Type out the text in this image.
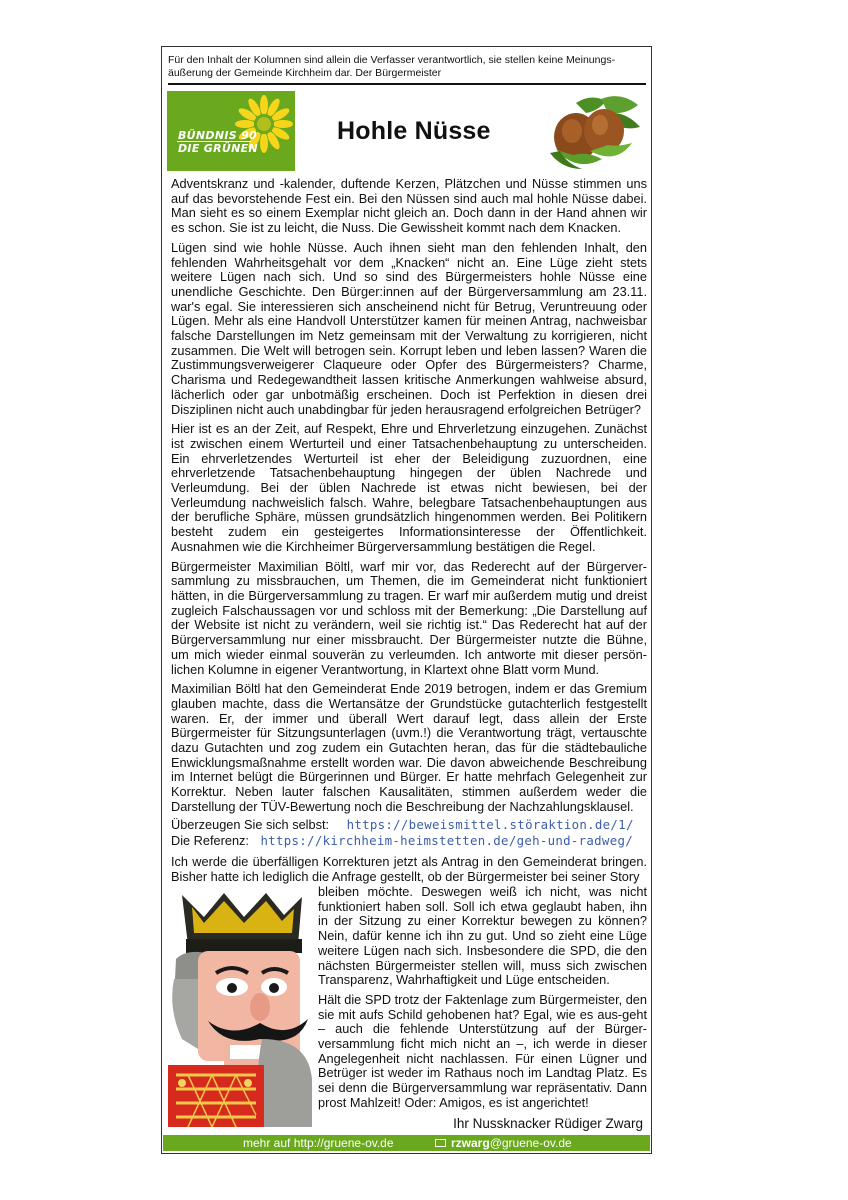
Für den Inhalt der Kolumnen sind allein die Verfasser verantwortlich, sie stellen keine Meinungs-äußerung der Gemeinde Kirchheim dar. Der Bürgermeister
BÜNDNIS 90
DIE GRÜNEN
Hohle Nüsse

Adventskranz und -kalender, duftende Kerzen, Plätzchen und Nüsse stimmen uns auf das bevorstehende Fest ein. Bei den Nüssen sind auch mal hohle Nüsse dabei. Man sieht es so einem Exemplar nicht gleich an. Doch dann in der Hand ahnen wir es schon. Sie ist zu leicht, die Nuss. Die Gewissheit kommt nach dem Knacken.

Lügen sind wie hohle Nüsse. Auch ihnen sieht man den fehlenden Inhalt, den fehlenden Wahrheitsgehalt vor dem „Knacken“ nicht an. Eine Lüge zieht stets weitere Lügen nach sich. Und so sind des Bürgermeisters hohle Nüsse eine unendliche Geschichte. Den Bürger:innen auf der Bürgerversammlung am 23.11. war's egal. Sie interessieren sich anscheinend nicht für Betrug, Veruntreuung oder Lügen. Mehr als eine Handvoll Unterstützer kamen für meinen Antrag, nachweisbar falsche Darstellungen im Netz gemeinsam mit der Verwaltung zu korrigieren, nicht zusammen. Die Welt will betrogen sein. Korrupt leben und leben lassen? Waren die Zustimmungsverweigerer Claqueure oder Opfer des Bürgermeisters? Charme, Charisma und Redegewandtheit lassen kritische Anmerkungen wahlweise absurd, lächerlich oder gar unbotmäßig erscheinen. Doch ist Perfektion in diesen drei Disziplinen nicht auch unabdingbar für jeden herausragend erfolgreichen Betrüger?

Hier ist es an der Zeit, auf Respekt, Ehre und Ehrverletzung einzugehen. Zunächst ist zwischen einem Werturteil und einer Tatsachenbehauptung zu unterscheiden. Ein ehrverletzendes Werturteil ist eher der Beleidigung zuzuordnen, eine ehrverletzende Tatsachenbehauptung hingegen der üblen Nachrede und Verleumdung. Bei der üblen Nachrede ist etwas nicht bewiesen, bei der Verleumdung nachweislich falsch. Wahre, belegbare Tatsachenbehauptungen aus der berufliche Sphäre, müssen grundsätzlich hingenommen werden. Bei Politikern besteht zudem ein gesteigertes Informationsinteresse der Öffentlichkeit. Ausnahmen wie die Kirchheimer Bürgerversammlung bestätigen die Regel.

Bürgermeister Maximilian Böltl, warf mir vor, das Rederecht auf der Bürgerver-sammlung zu missbrauchen, um Themen, die im Gemeinderat nicht funktioniert hätten, in die Bürgerversammlung zu tragen. Er warf mir außerdem mutig und dreist zugleich Falschaussagen vor und schloss mit der Bemerkung: „Die Darstellung auf der Website ist nicht zu verändern, weil sie richtig ist.“ Das Rederecht hat auf der Bürgerversammlung nur einer missbraucht. Der Bürgermeister nutzte die Bühne, um mich wieder einmal souverän zu verleumden. Ich antworte mit dieser persön-lichen Kolumne in eigener Verantwortung, in Klartext ohne Blatt vorm Mund.

Maximilian Böltl hat den Gemeinderat Ende 2019 betrogen, indem er das Gremium glauben machte, dass die Wertansätze der Grundstücke gutachterlich festgestellt waren. Er, der immer und überall Wert darauf legt, dass allein der Erste Bürgermeister für Sitzungsunterlagen (uvm.!) die Verantwortung trägt, vertauschte dazu Gutachten und zog zudem ein Gutachten heran, das für die städtebauliche Enwicklungsmaßnahme erstellt worden war. Die davon abweichende Beschreibung im Internet belügt die Bürgerinnen und Bürger. Er hatte mehrfach Gelegenheit zur Korrektur. Neben lauter falschen Kausalitäten, stimmen außerdem weder die Darstellung der TÜV-Bewertung noch die Beschreibung der Nachzahlungsklausel.

Überzeugen Sie sich selbst: https://beweismittel.störaktion.de/1/
Die Referenz: https://kirchheim-heimstetten.de/geh-und-radweg/

Ich werde die überfälligen Korrekturen jetzt als Antrag in den Gemeinderat bringen. Bisher hatte ich lediglich die Anfrage gestellt, ob der Bürgermeister bei seiner Story

bleiben möchte. Deswegen weiß ich nicht, was nicht funktioniert haben soll. Soll ich etwa geglaubt haben, ihn in der Sitzung zu einer Korrektur bewegen zu können? Nein, dafür kenne ich ihn zu gut. Und so zieht eine Lüge weitere Lügen nach sich. Insbesondere die SPD, die den nächsten Bürgermeister stellen will, muss sich zwischen Transparenz, Wahrhaftigkeit und Lüge entscheiden.

Hält die SPD trotz der Faktenlage zum Bürgermeister, den sie mit aufs Schild gehobenen hat? Egal, wie es aus-geht – auch die fehlende Unterstützung auf der Bürger-versammlung ficht mich nicht an –, ich werde in dieser Angelegenheit nicht nachlassen. Für einen Lügner und Betrüger ist weder im Rathaus noch im Landtag Platz. Es sei denn die Bürgerversammlung war repräsentativ. Dann prost Mahlzeit! Oder: Amigos, es ist angerichtet!

Ihr Nussknacker Rüdiger Zwarg
mehr auf http://gruene-ov.de	rzwarg@gruene-ov.de
